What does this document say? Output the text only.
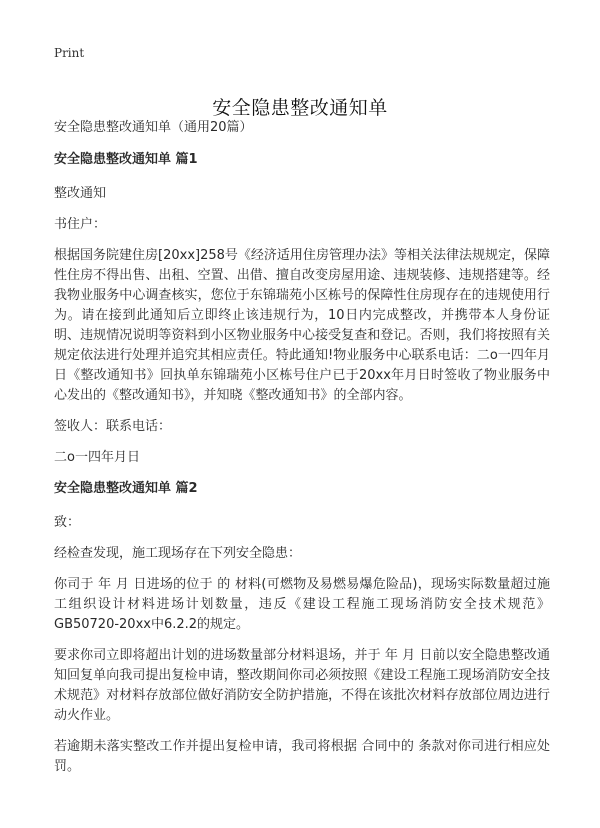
Print
安全隐患整改通知单

安全隐患整改通知单（通用20篇）

安全隐患整改通知单 篇1

整改通知

书住户：

根据国务院建住房[20xx]258号《经济适用住房管理办法》等相关法律法规规定，保障性住房不得出售、出租、空置、出借、擅自改变房屋用途、违规装修、违规搭建等。经我物业服务中心调查核实，您位于东锦瑞苑小区栋号的保障性住房现存在的违规使用行为。请在接到此通知后立即终止该违规行为，10日内完成整改，并携带本人身份证明、违规情况说明等资料到小区物业服务中心接受复查和登记。否则，我们将按照有关规定依法进行处理并追究其相应责任。特此通知!物业服务中心联系电话：二o一四年月日《整改通知书》回执单东锦瑞苑小区栋号住户已于20xx年月日时签收了物业服务中心发出的《整改通知书》，并知晓《整改通知书》的全部内容。

签收人：联系电话：

二o一四年月日

安全隐患整改通知单 篇2

致：

经检查发现，施工现场存在下列安全隐患：

你司于 年 月 日进场的位于 的 材料(可燃物及易燃易爆危险品)，现场实际数量超过施工组织设计材料进场计划数量，违反《建设工程施工现场消防安全技术规范》GB50720-20xx中6.2.2的规定。

要求你司立即将超出计划的进场数量部分材料退场，并于 年 月 日前以安全隐患整改通知回复单向我司提出复检申请，整改期间你司必须按照《建设工程施工现场消防安全技术规范》对材料存放部位做好消防安全防护措施，不得在该批次材料存放部位周边进行动火作业。

若逾期未落实整改工作并提出复检申请，我司将根据 合同中的 条款对你司进行相应处罚。
